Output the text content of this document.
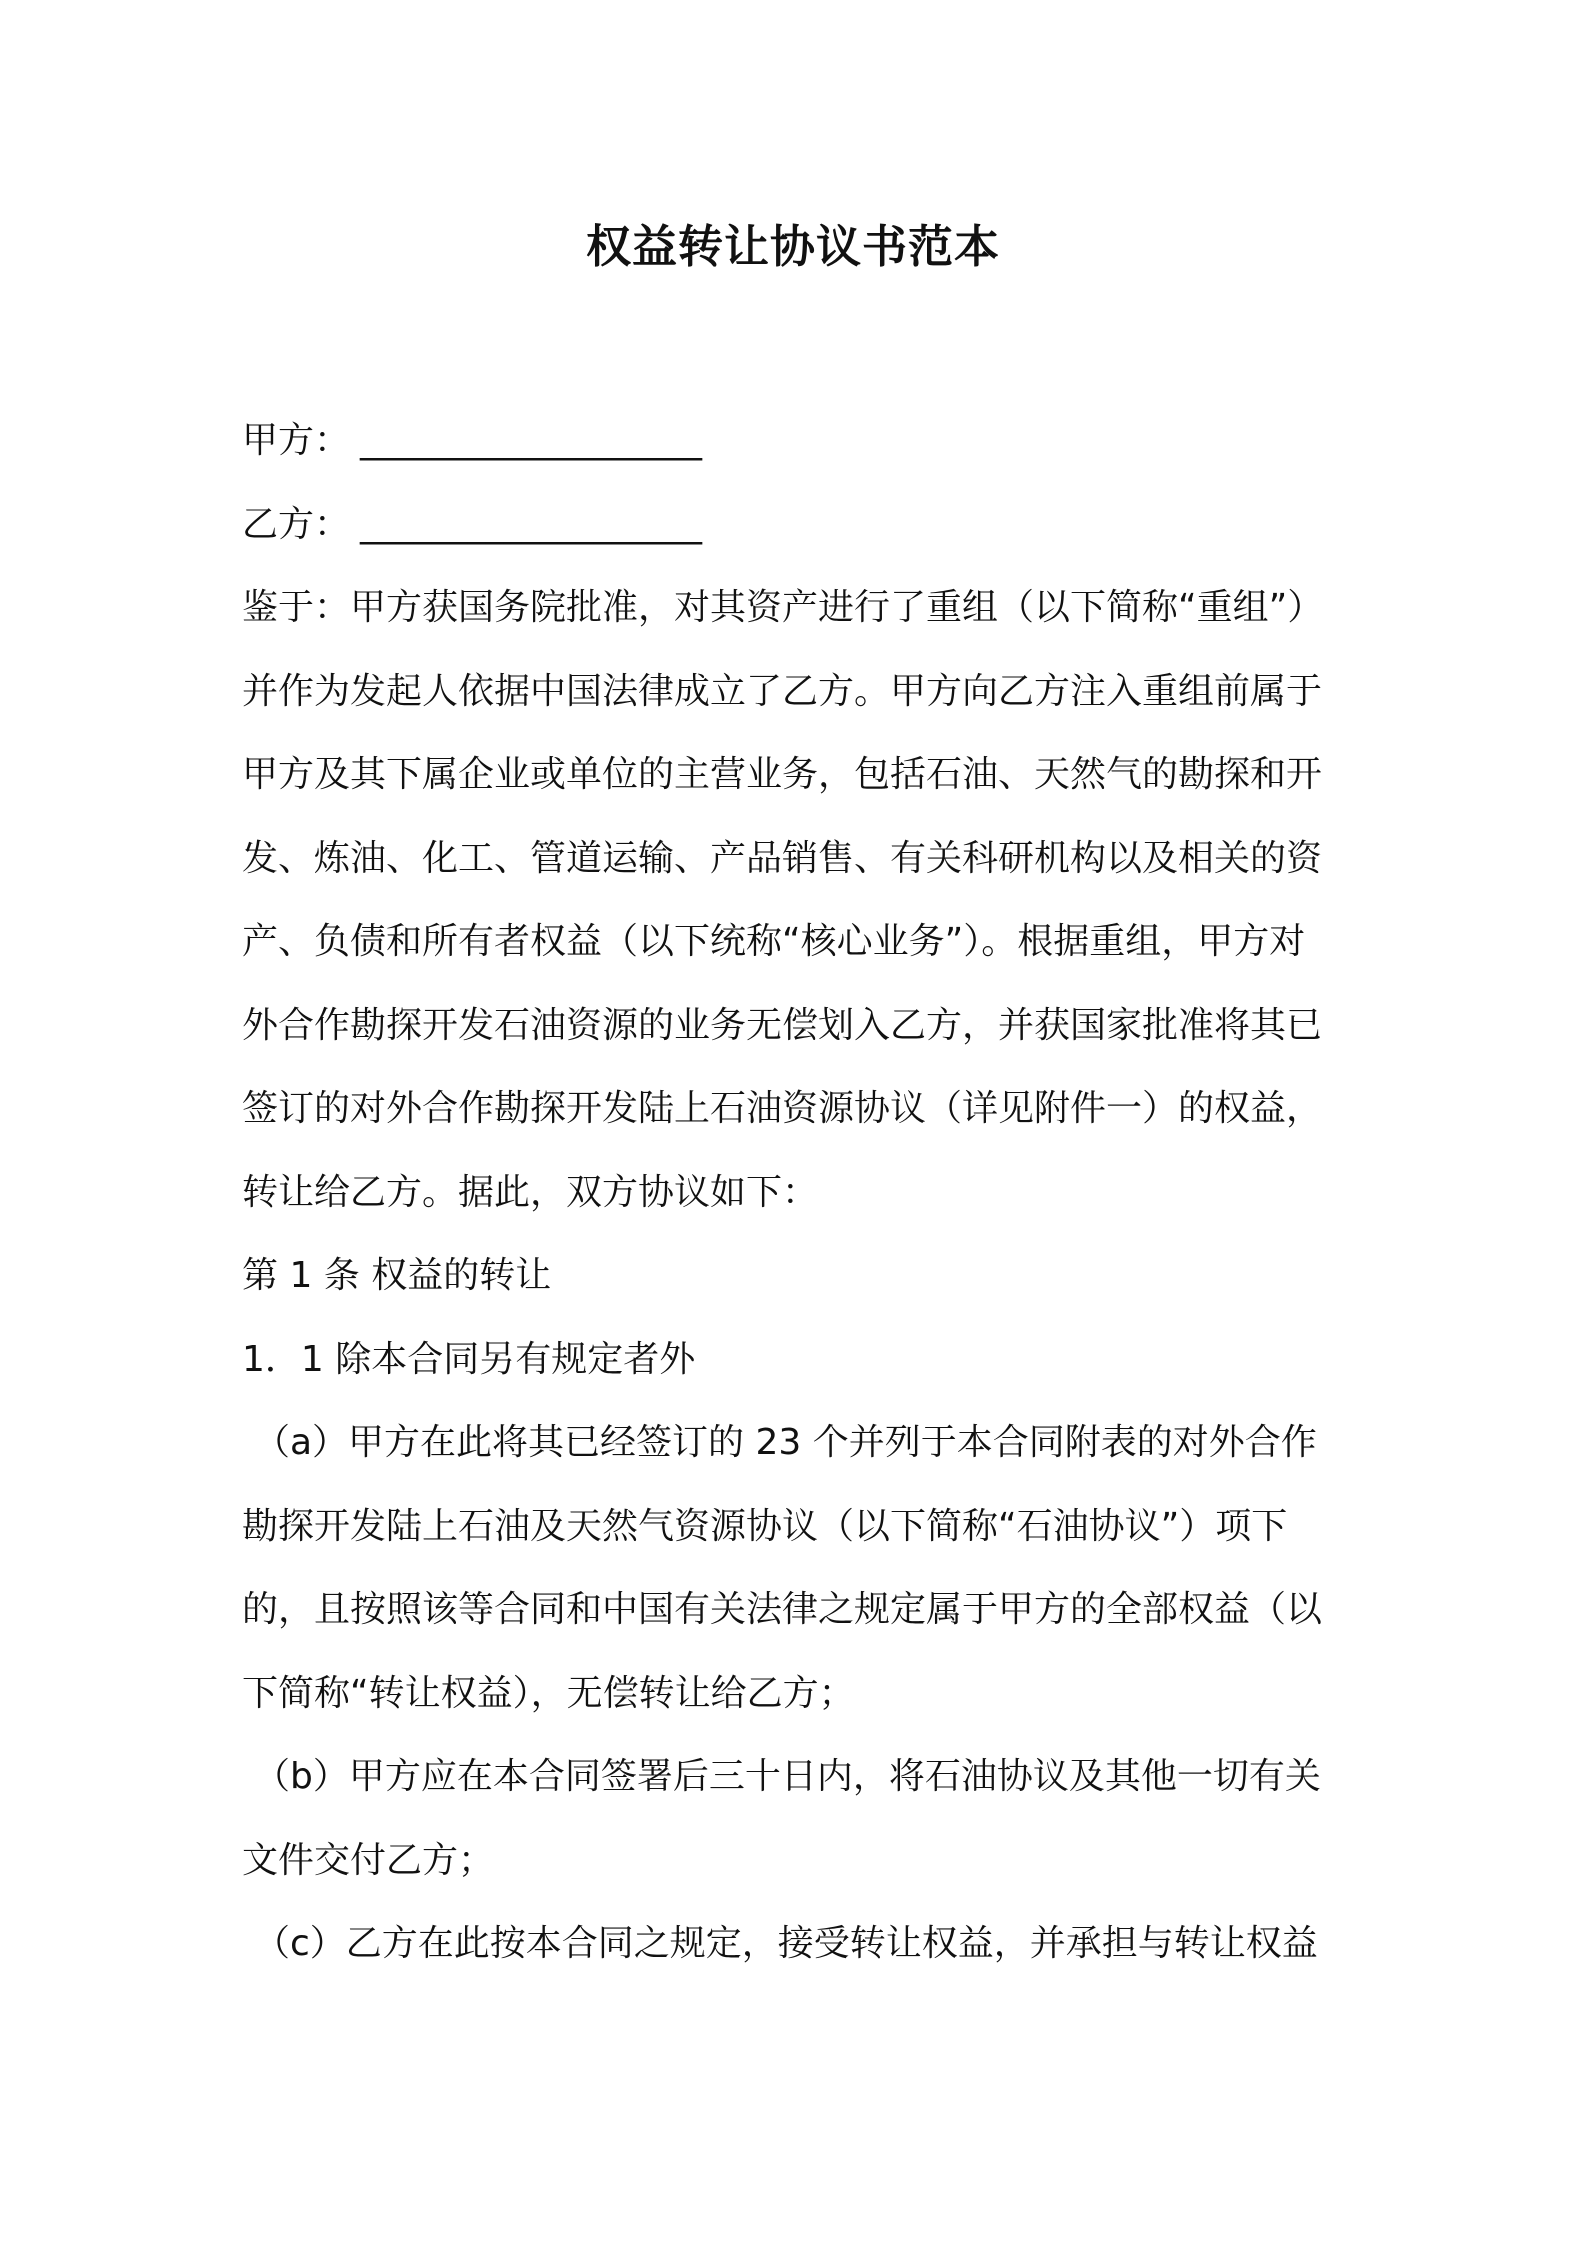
权益转让协议书范本
甲方： ___________________
乙方： ___________________
鉴于：甲方获国务院批准，对其资产进行了重组（以下简称“重组”）
并作为发起人依据中国法律成立了乙方。甲方向乙方注入重组前属于
甲方及其下属企业或单位的主营业务，包括石油、天然气的勘探和开
发、炼油、化工、管道运输、产品销售、有关科研机构以及相关的资
产、负债和所有者权益（以下统称“核心业务”）。根据重组，甲方对
外合作勘探开发石油资源的业务无偿划入乙方，并获国家批准将其已
签订的对外合作勘探开发陆上石油资源协议（详见附件一）的权益，
转让给乙方。据此，双方协议如下：
第 1 条 权益的转让
1．1 除本合同另有规定者外
（a）甲方在此将其已经签订的 23 个并列于本合同附表的对外合作
勘探开发陆上石油及天然气资源协议（以下简称“石油协议”）项下
的，且按照该等合同和中国有关法律之规定属于甲方的全部权益（以
下简称“转让权益），无偿转让给乙方；
（b）甲方应在本合同签署后三十日内，将石油协议及其他一切有关
文件交付乙方；
（c）乙方在此按本合同之规定，接受转让权益，并承担与转让权益
